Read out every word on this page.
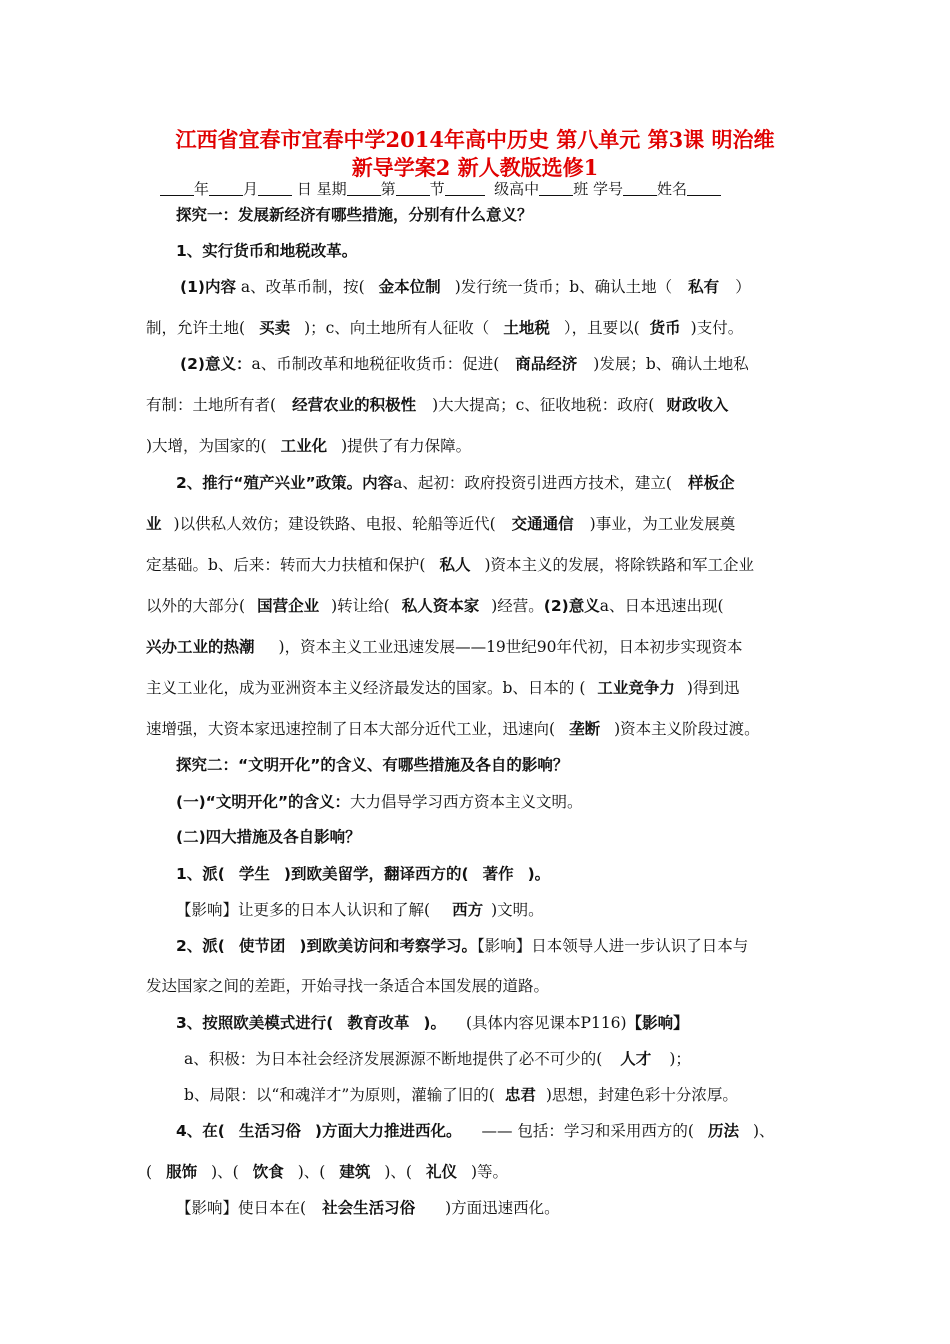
江西省宜春市宜春中学2014年高中历史 第八单元 第3课 明治维
新导学案2 新人教版选修1
年 月	日 星期 第 节	级高中 班 学号 姓名
探究一：发展新经济有哪些措施，分别有什么意义？
1、实行货币和地税改革。
(1)内容 a、改革币制，按( 金本位制 )发行统一货币；b、确认土地（ 私有 ）
制，允许土地( 买卖 )；c、向土地所有人征收（ 土地税 ），且要以( 货币 )支付。
(2)意义：a、币制改革和地税征收货币：促进( 商品经济 )发展；b、确认土地私
有制：土地所有者( 经营农业的积极性 )大大提高；c、征收地税：政府( 财政收入
)大增，为国家的( 工业化 )提供了有力保障。
2、推行“殖产兴业”政策。内容a、起初：政府投资引进西方技术，建立( 样板企
业 )以供私人效仿；建设铁路、电报、轮船等近代( 交通通信 )事业，为工业发展奠
定基础。b、后来：转而大力扶植和保护( 私人 )资本主义的发展，将除铁路和军工企业
以外的大部分( 国营企业 )转让给( 私人资本家 )经营。(2)意义a、日本迅速出现(
兴办工业的热潮 )，资本主义工业迅速发展——19世纪90年代初，日本初步实现资本
主义工业化，成为亚洲资本主义经济最发达的国家。b、日本的 ( 工业竞争力 )得到迅
速增强，大资本家迅速控制了日本大部分近代工业，迅速向( 垄断 )资本主义阶段过渡。
探究二：“文明开化”的含义、有哪些措施及各自的影响？
(一)“文明开化”的含义：大力倡导学习西方资本主义文明。
(二)四大措施及各自影响？
1、派( 学生 )到欧美留学，翻译西方的( 著作 )。
【影响】让更多的日本人认识和了解( 西方 )文明。
2、派( 使节团 )到欧美访问和考察学习。【影响】日本领导人进一步认识了日本与
发达国家之间的差距，开始寻找一条适合本国发展的道路。
3、按照欧美模式进行( 教育改革 )。 (具体内容见课本P116)【影响】
a、积极：为日本社会经济发展源源不断地提供了必不可少的( 人才 )；
b、局限：以“和魂洋才”为原则，灌输了旧的( 忠君 )思想，封建色彩十分浓厚。
4、在( 生活习俗 )方面大力推进西化。 —— 包括：学习和采用西方的( 历法 )、
( 服饰 )、( 饮食 )、( 建筑 )、( 礼仪 )等。
【影响】使日本在( 社会生活习俗 )方面迅速西化。
